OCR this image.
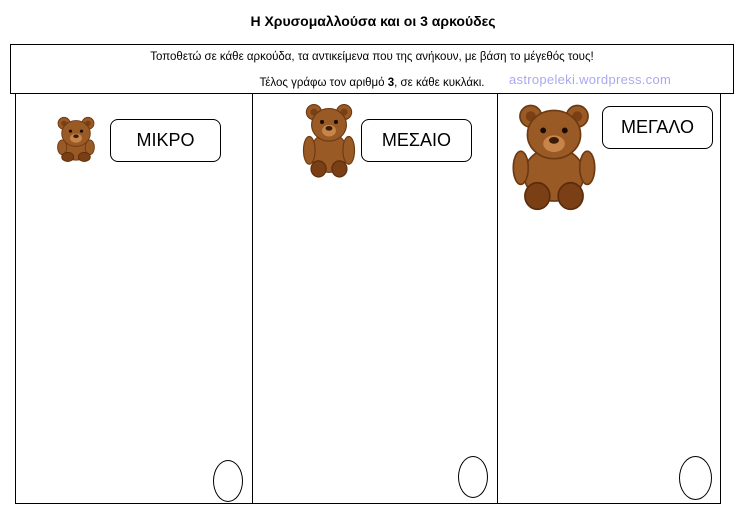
Η Χρυσομαλλούσα και οι 3 αρκούδες
Τοποθετώ σε κάθε αρκούδα, τα αντικείμενα που της ανήκουν, με βάση το μέγεθός τους!
Τέλος γράφω τον αριθμό 3, σε κάθε κυκλάκι.	astropeleki.wordpress.com
ΜΙΚΡΟ	ΜΕΣΑΙΟ
ΜΕΓΑΛΟ
